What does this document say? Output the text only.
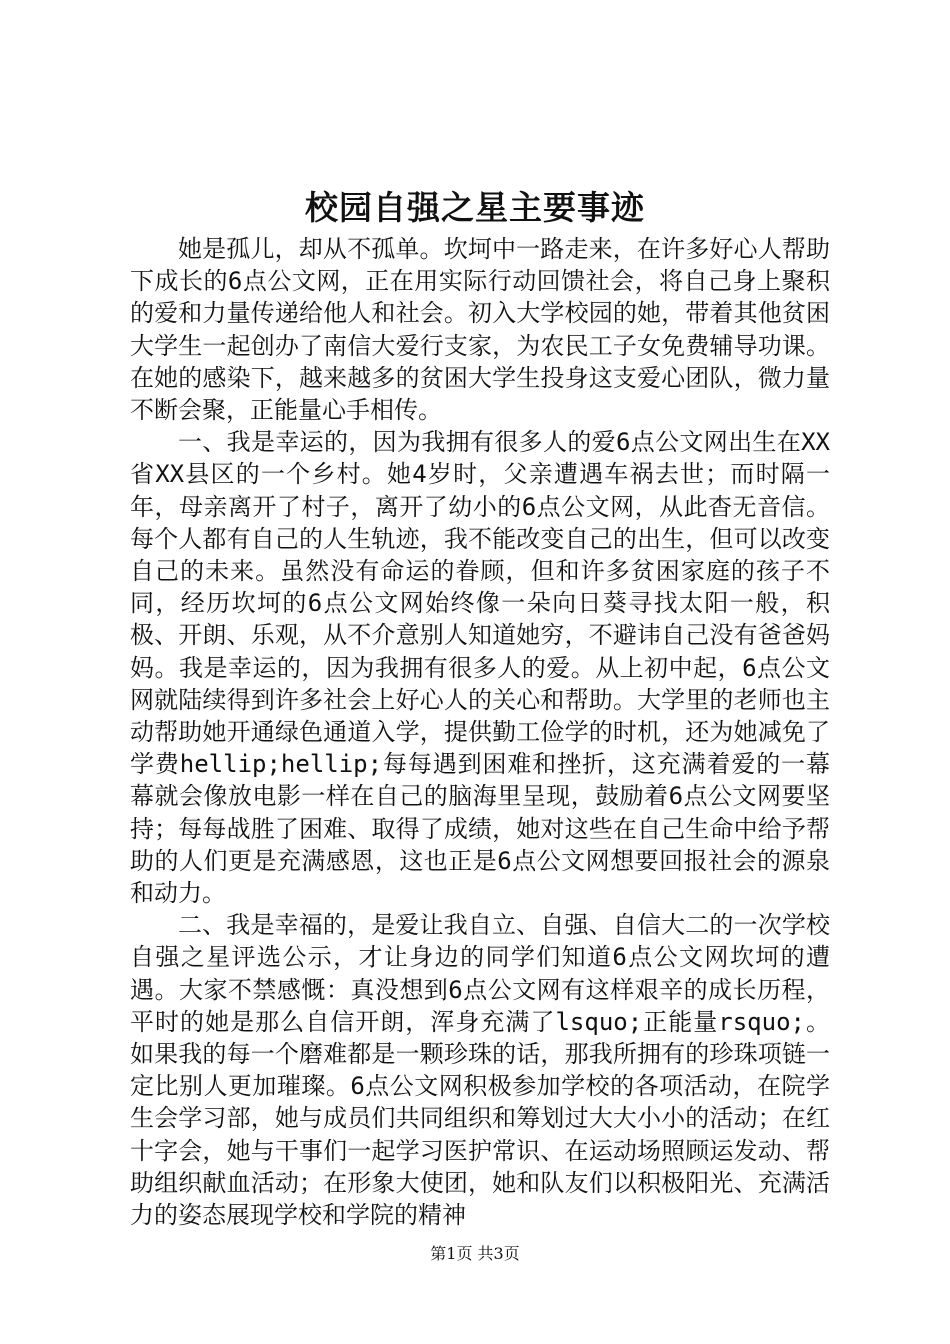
校园自强之星主要事迹

她是孤儿，却从不孤单。坎坷中一路走来，在许多好心人帮助下成长的6点公文网，正在用实际行动回馈社会，将自己身上聚积的爱和力量传递给他人和社会。初入大学校园的她，带着其他贫困大学生一起创办了南信大爱行支家，为农民工子女免费辅导功课。在她的感染下，越来越多的贫困大学生投身这支爱心团队，微力量不断会聚，正能量心手相传。

一、我是幸运的，因为我拥有很多人的爱6点公文网出生在XX省XX县区的一个乡村。她4岁时，父亲遭遇车祸去世；而时隔一年，母亲离开了村子，离开了幼小的6点公文网，从此杳无音信。每个人都有自己的人生轨迹，我不能改变自己的出生，但可以改变自己的未来。虽然没有命运的眷顾，但和许多贫困家庭的孩子不同，经历坎坷的6点公文网始终像一朵向日葵寻找太阳一般，积极、开朗、乐观，从不介意别人知道她穷，不避讳自己没有爸爸妈妈。我是幸运的，因为我拥有很多人的爱。从上初中起，6点公文网就陆续得到许多社会上好心人的关心和帮助。大学里的老师也主动帮助她开通绿色通道入学，提供勤工俭学的时机，还为她减免了学费hellip;hellip;每每遇到困难和挫折，这充满着爱的一幕幕就会像放电影一样在自己的脑海里呈现，鼓励着6点公文网要坚持；每每战胜了困难、取得了成绩，她对这些在自己生命中给予帮助的人们更是充满感恩，这也正是6点公文网想要回报社会的源泉和动力。

二、我是幸福的，是爱让我自立、自强、自信大二的一次学校自强之星评选公示，才让身边的同学们知道6点公文网坎坷的遭遇。大家不禁感慨：真没想到6点公文网有这样艰辛的成长历程，平时的她是那么自信开朗，浑身充满了lsquo;正能量rsquo;。如果我的每一个磨难都是一颗珍珠的话，那我所拥有的珍珠项链一定比别人更加璀璨。6点公文网积极参加学校的各项活动，在院学生会学习部，她与成员们共同组织和筹划过大大小小的活动；在红十字会，她与干事们一起学习医护常识、在运动场照顾运发动、帮助组织献血活动；在形象大使团，她和队友们以积极阳光、充满活力的姿态展现学校和学院的精神

第1页 共3页
